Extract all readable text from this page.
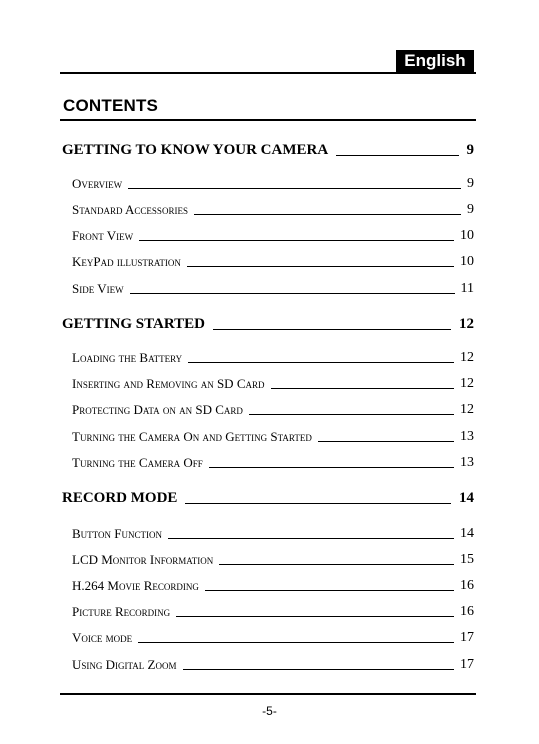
English
CONTENTS
GETTING TO KNOW YOUR CAMERA	9
Overview	9
Standard Accessories	9
Front View	10
KeyPad illustration	10
Side View	11
GETTING STARTED	12
Loading the Battery	12
Inserting and Removing an SD Card	12
Protecting Data on an SD Card	12
Turning the Camera On and Getting Started	13
Turning the Camera Off	13
RECORD MODE	14
Button Function	14
LCD Monitor Information	15
H.264 Movie Recording	16
Picture Recording	16
Voice mode	17
Using Digital Zoom	17
-5-
